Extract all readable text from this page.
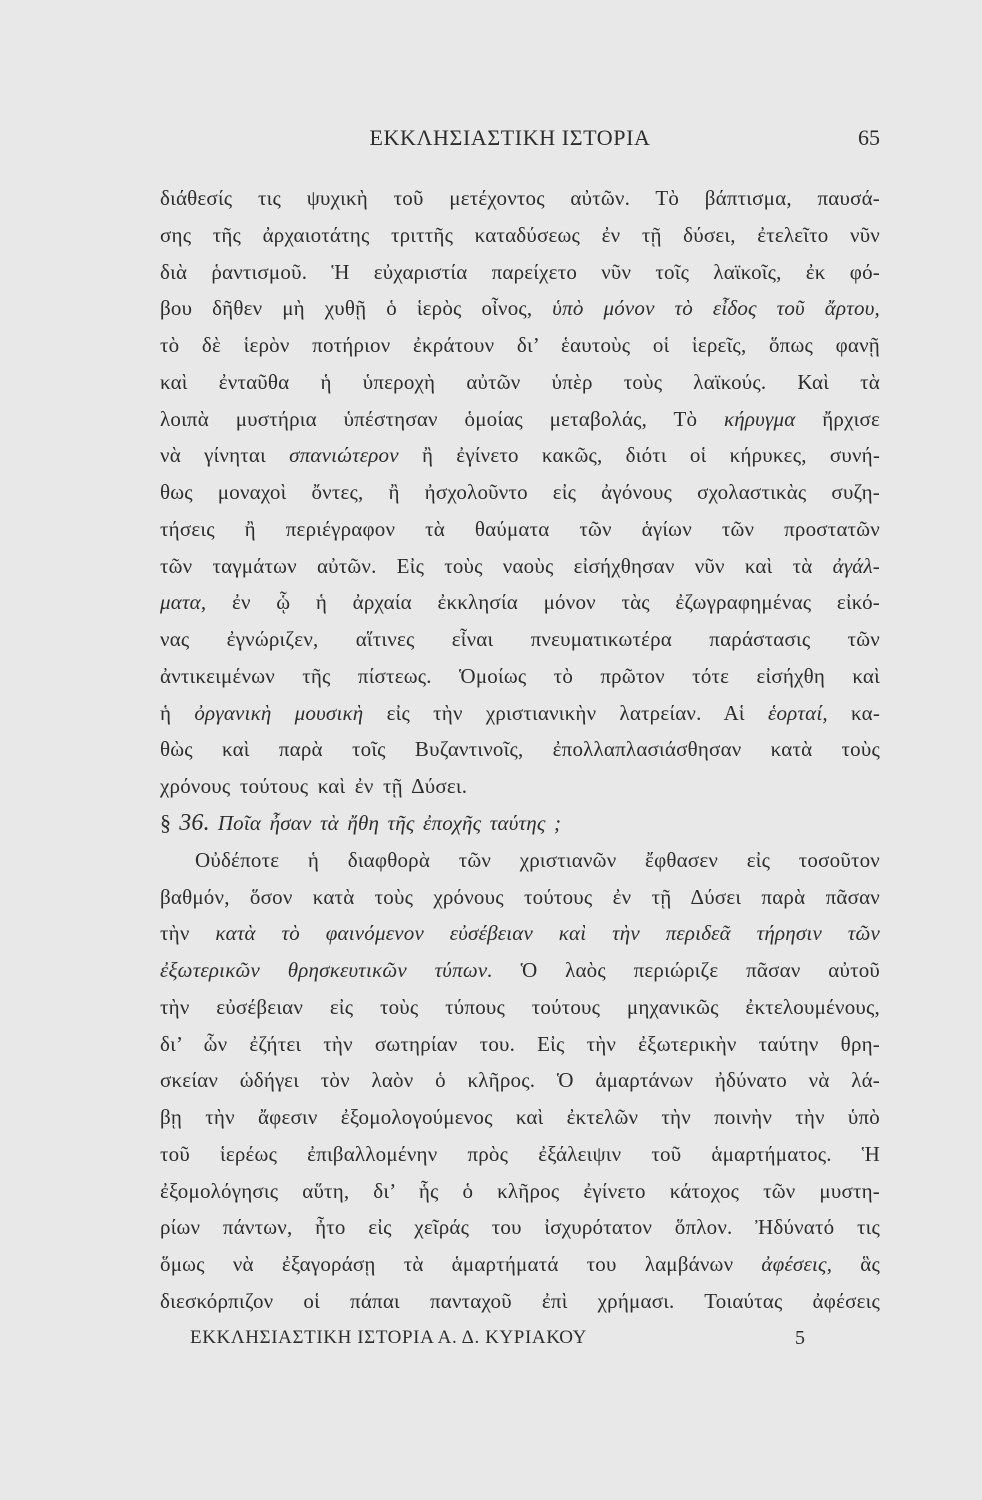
ΕΚΚΛΗΣΙΑΣΤΙΚΗ ΙΣΤΟΡΙΑ	65
διάθεσίς τις ψυχικὴ τοῦ μετέχοντος αὐτῶν. Τὸ βάπτισμα, παυσά-
σης τῆς ἀρχαιοτάτης τριττῆς καταδύσεως ἐν τῇ δύσει, ἐτελεῖτο νῦν
διὰ ῥαντισμοῦ. Ἡ εὐχαριστία παρείχετο νῦν τοῖς λαϊκοῖς, ἐκ φό-
βου δῆθεν μὴ χυθῇ ὁ ἱερὸς οἶνος, ὑπὸ μόνον τὸ εἶδος τοῦ ἄρτου,
τὸ δὲ ἱερὸν ποτήριον ἐκράτουν δι’ ἑαυτοὺς οἱ ἱερεῖς, ὅπως φανῇ
καὶ ἐνταῦθα ἡ ὑπεροχὴ αὐτῶν ὑπὲρ τοὺς λαϊκούς. Καὶ τὰ
λοιπὰ μυστήρια ὑπέστησαν ὁμοίας μεταβολάς, Τὸ κήρυγμα ἤρχισε
νὰ γίνηται σπανιώτερον ἢ ἐγίνετο κακῶς, διότι οἱ κήρυκες, συνή-
θως μοναχοὶ ὄντες, ἢ ἠσχολοῦντο εἰς ἀγόνους σχολαστικὰς συζη-
τήσεις ἢ περιέγραφον τὰ θαύματα τῶν ἁγίων τῶν προστατῶν
τῶν ταγμάτων αὐτῶν. Εἰς τοὺς ναοὺς εἰσήχθησαν νῦν καὶ τὰ ἀγάλ-
ματα, ἐν ᾧ ἡ ἀρχαία ἐκκλησία μόνον τὰς ἐζωγραφημένας εἰκό-
νας ἐγνώριζεν, αἵτινες εἶναι πνευματικωτέρα παράστασις τῶν
ἀντικειμένων τῆς πίστεως. Ὁμοίως τὸ πρῶτον τότε εἰσήχθη καὶ
ἡ ὀργανικὴ μουσικὴ εἰς τὴν χριστιανικὴν λατρείαν. Αἱ ἑορταί, κα-
θὼς καὶ παρὰ τοῖς Βυζαντινοῖς, ἐπολλαπλασιάσθησαν κατὰ τοὺς
χρόνους τούτους καὶ ἐν τῇ Δύσει.
§ 36. Ποῖα ἦσαν τὰ ἤθη τῆς ἐποχῆς ταύτης ;
Οὐδέποτε ἡ διαφθορὰ τῶν χριστιανῶν ἔφθασεν εἰς τοσοῦτον
βαθμόν, ὅσον κατὰ τοὺς χρόνους τούτους ἐν τῇ Δύσει παρὰ πᾶσαν
τὴν κατὰ τὸ φαινόμενον εὐσέβειαν καὶ τὴν περιδεᾶ τήρησιν τῶν
ἐξωτερικῶν θρησκευτικῶν τύπων. Ὁ λαὸς περιώριζε πᾶσαν αὐτοῦ
τὴν εὐσέβειαν εἰς τοὺς τύπους τούτους μηχανικῶς ἐκτελουμένους,
δι’ ὧν ἐζήτει τὴν σωτηρίαν του. Εἰς τὴν ἐξωτερικὴν ταύτην θρη-
σκείαν ὡδήγει τὸν λαὸν ὁ κλῆρος. Ὁ ἁμαρτάνων ἠδύνατο νὰ λά-
βῃ τὴν ἄφεσιν ἐξομολογούμενος καὶ ἐκτελῶν τὴν ποινὴν τὴν ὑπὸ
τοῦ ἱερέως ἐπιβαλλομένην πρὸς ἐξάλειψιν τοῦ ἁμαρτήματος. Ἡ
ἐξομολόγησις αὕτη, δι’ ἧς ὁ κλῆρος ἐγίνετο κάτοχος τῶν μυστη-
ρίων πάντων, ἦτο εἰς χεῖράς του ἰσχυρότατον ὅπλον. Ἠδύνατό τις
ὅμως νὰ ἐξαγοράσῃ τὰ ἁμαρτήματά του λαμβάνων ἀφέσεις, ἃς
διεσκόρπιζον οἱ πάπαι πανταχοῦ ἐπὶ χρήμασι. Τοιαύτας ἀφέσεις
ΕΚΚΛΗΣΙΑΣΤΙΚΗ ΙΣΤΟΡΙΑ Α. Δ. ΚΥΡΙΑΚΟΥ	5
